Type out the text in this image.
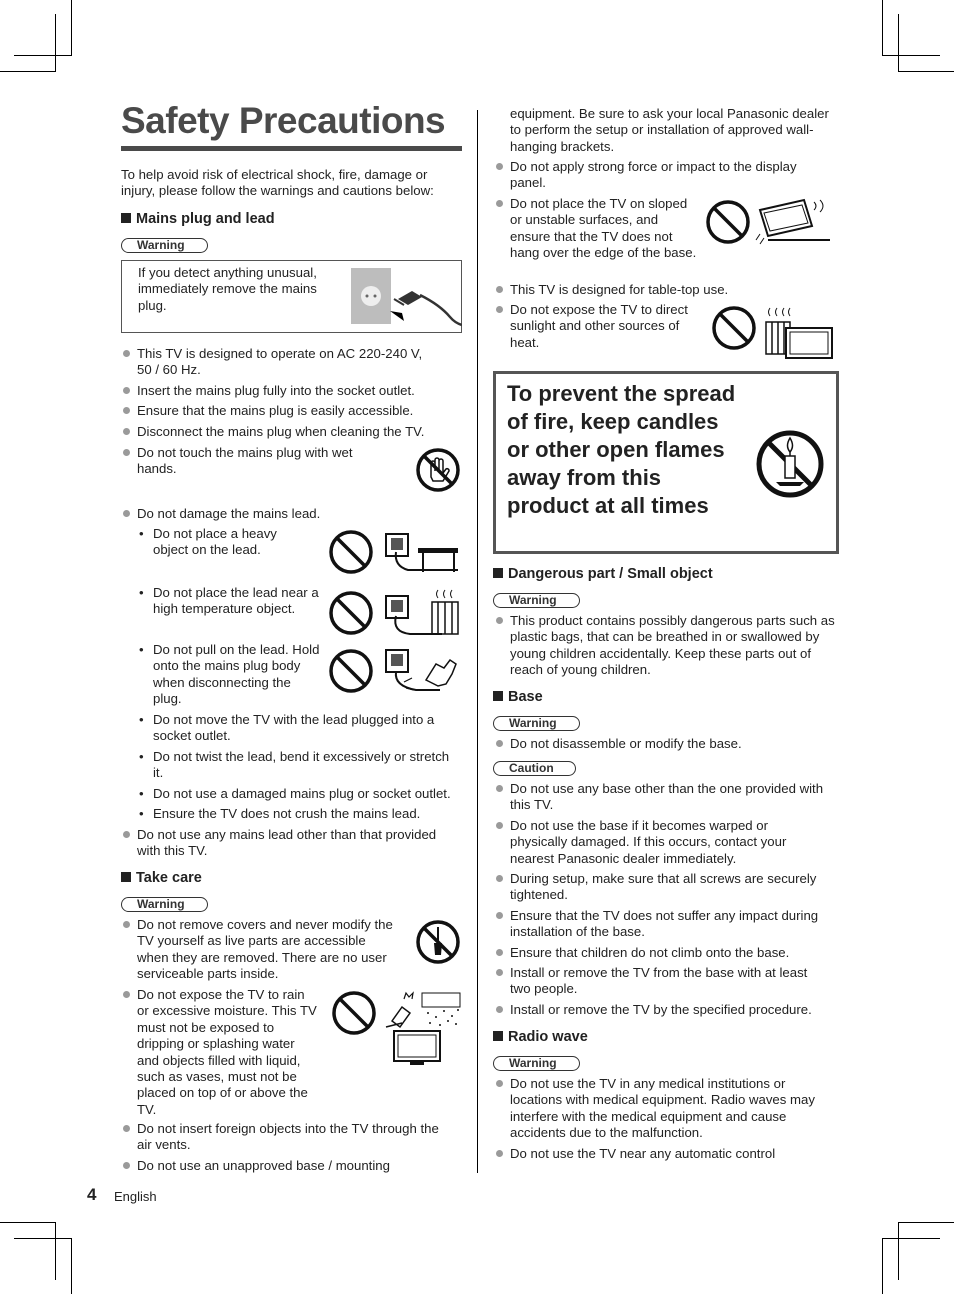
Safety Precautions

To help avoid risk of electrical shock, fire, damage or injury, please follow the warnings and cautions below:

Mains plug and lead
Warning

If you detect anything unusual, immediately remove the mains plug.

This TV is designed to operate on AC 220-240 V, 50 / 60 Hz.
Insert the mains plug fully into the socket outlet.
Ensure that the mains plug is easily accessible.
Disconnect the mains plug when cleaning the TV.
Do not touch the mains plug with wet hands.
Do not damage the mains lead.
• Do not place a heavy object on the lead.
• Do not place the lead near a high temperature object.
• Do not pull on the lead. Hold onto the mains plug body when disconnecting the plug.
• Do not move the TV with the lead plugged into a socket outlet.
• Do not twist the lead, bend it excessively or stretch it.
• Do not use a damaged mains plug or socket outlet.
• Ensure the TV does not crush the mains lead.
Do not use any mains lead other than that provided with this TV.
Take care
Warning
Do not remove covers and never modify the TV yourself as live parts are accessible when they are removed. There are no user serviceable parts inside.
Do not expose the TV to rain or excessive moisture. This TV must not be exposed to dripping or splashing water and objects filled with liquid, such as vases, must not be placed on top of or above the TV.
Do not insert foreign objects into the TV through the air vents.
Do not use an unapproved base / mounting

equipment. Be sure to ask your local Panasonic dealer to perform the setup or installation of approved wall-hanging brackets.

Do not apply strong force or impact to the display panel.
Do not place the TV on sloped or unstable surfaces, and ensure that the TV does not hang over the edge of the base.
This TV is designed for table-top use.
Do not expose the TV to direct sunlight and other sources of heat.

To prevent the spread of fire, keep candles or other open flames away from this product at all times

Dangerous part / Small object
Warning
This product contains possibly dangerous parts such as plastic bags, that can be breathed in or swallowed by young children accidentally. Keep these parts out of reach of young children.
Base
Warning
Do not disassemble or modify the base.
Caution
Do not use any base other than the one provided with this TV.
Do not use the base if it becomes warped or physically damaged. If this occurs, contact your nearest Panasonic dealer immediately.
During setup, make sure that all screws are securely tightened.
Ensure that the TV does not suffer any impact during installation of the base.
Ensure that children do not climb onto the base.
Install or remove the TV from the base with at least two people.
Install or remove the TV by the specified procedure.
Radio wave
Warning
Do not use the TV in any medical institutions or locations with medical equipment. Radio waves may interfere with the medical equipment and cause accidents due to the malfunction.
Do not use the TV near any automatic control
4 English
